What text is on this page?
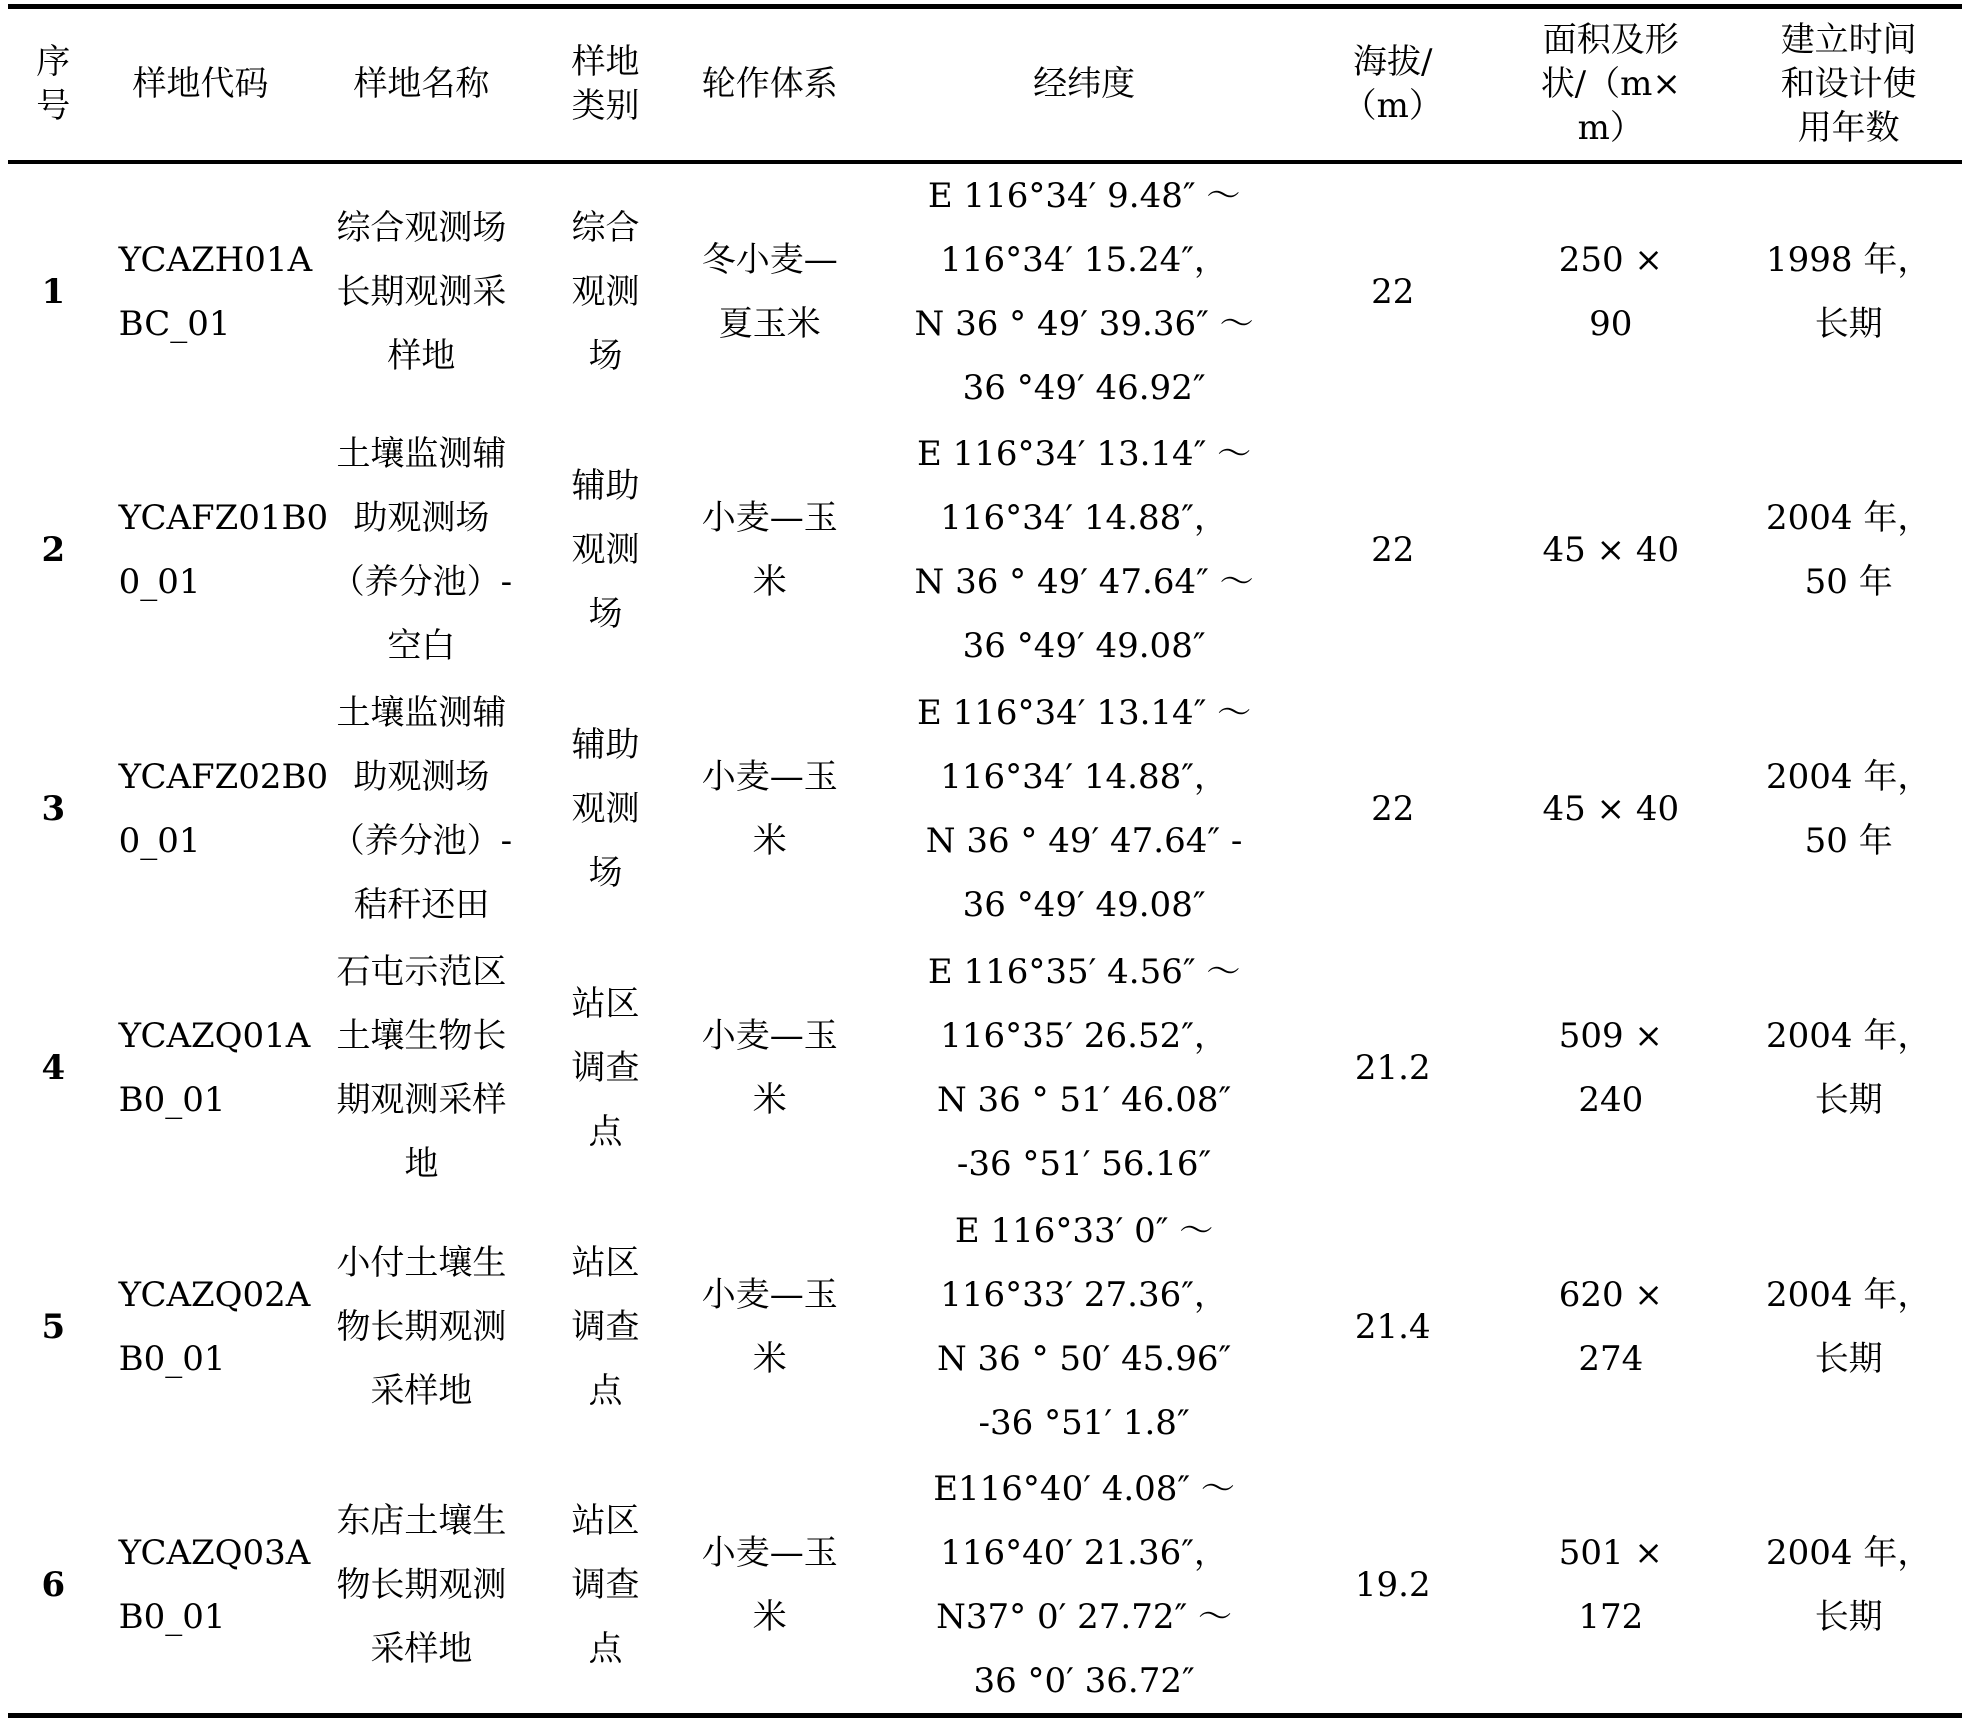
序
号	样地代码	样地名称	样地
类别	轮作体系	经纬度	海拔/
（m）	面积及形
状/（m×
m）	建立时间
和设计使
用年数

1	YCAZH01A
BC_01	综合观测场
长期观测采
样地	综合
观测
场	冬小麦—
夏玉米	E 116°34′ 9.48″ ～
116°34′ 15.24″，
N 36 ° 49′ 39.36″ ～
36 °49′ 46.92″	22	250 ×
90	1998 年，
长期

2	YCAFZ01B0
0_01	土壤监测辅
助观测场
（养分池）-
空白	辅助
观测
场	小麦—玉
米	E 116°34′ 13.14″ ～
116°34′ 14.88″，
N 36 ° 49′ 47.64″ ～
36 °49′ 49.08″	22	45 × 40	2004 年，
50 年

3	YCAFZ02B0
0_01	土壤监测辅
助观测场
（养分池）-
秸秆还田	辅助
观测
场	小麦—玉
米	E 116°34′ 13.14″ ～
116°34′ 14.88″，
N 36 ° 49′ 47.64″ -
36 °49′ 49.08″	22	45 × 40	2004 年，
50 年

4	YCAZQ01A
B0_01	石屯示范区
土壤生物长
期观测采样
地	站区
调查
点	小麦—玉
米	E 116°35′ 4.56″ ～
116°35′ 26.52″，
N 36 ° 51′ 46.08″
-36 °51′ 56.16″	21.2	509 ×
240	2004 年，
长期

5	YCAZQ02A
B0_01	小付土壤生
物长期观测
采样地	站区
调查
点	小麦—玉
米	E 116°33′ 0″ ～
116°33′ 27.36″，
N 36 ° 50′ 45.96″
-36 °51′ 1.8″	21.4	620 ×
274	2004 年，
长期

6	YCAZQ03A
B0_01	东店土壤生
物长期观测
采样地	站区
调查
点	小麦—玉
米	E116°40′ 4.08″ ～
116°40′ 21.36″，
N37° 0′ 27.72″ ～
36 °0′ 36.72″	19.2	501 ×
172	2004 年，
长期
